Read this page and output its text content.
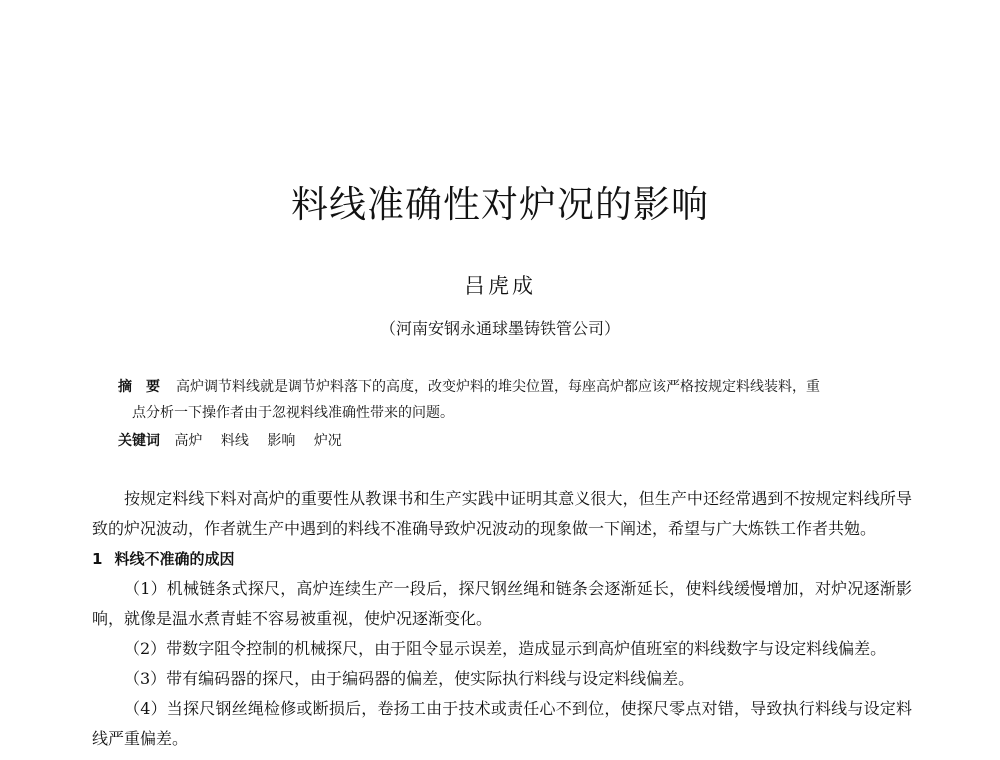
料线准确性对炉况的影响
吕虎成
（河南安钢永通球墨铸铁管公司）
摘　要 高炉调节料线就是调节炉料落下的高度，改变炉料的堆尖位置，每座高炉都应该严格按规定料线装料，重
点分析一下操作者由于忽视料线准确性带来的问题。
关键词 高炉 料线 影响 炉况

按规定料线下料对高炉的重要性从教课书和生产实践中证明其意义很大，但生产中还经常遇到不按规定料线所导致的炉况波动，作者就生产中遇到的料线不准确导致炉况波动的现象做一下阐述，希望与广大炼铁工作者共勉。

1 料线不准确的成因

（1）机械链条式探尺，高炉连续生产一段后，探尺钢丝绳和链条会逐渐延长，使料线缓慢增加，对炉况逐渐影响，就像是温水煮青蛙不容易被重视，使炉况逐渐变化。

（2）带数字阻令控制的机械探尺，由于阻令显示误差，造成显示到高炉值班室的料线数字与设定料线偏差。

（3）带有编码器的探尺，由于编码器的偏差，使实际执行料线与设定料线偏差。

（4）当探尺钢丝绳检修或断损后，卷扬工由于技术或责任心不到位，使探尺零点对错，导致执行料线与设定料线严重偏差。
